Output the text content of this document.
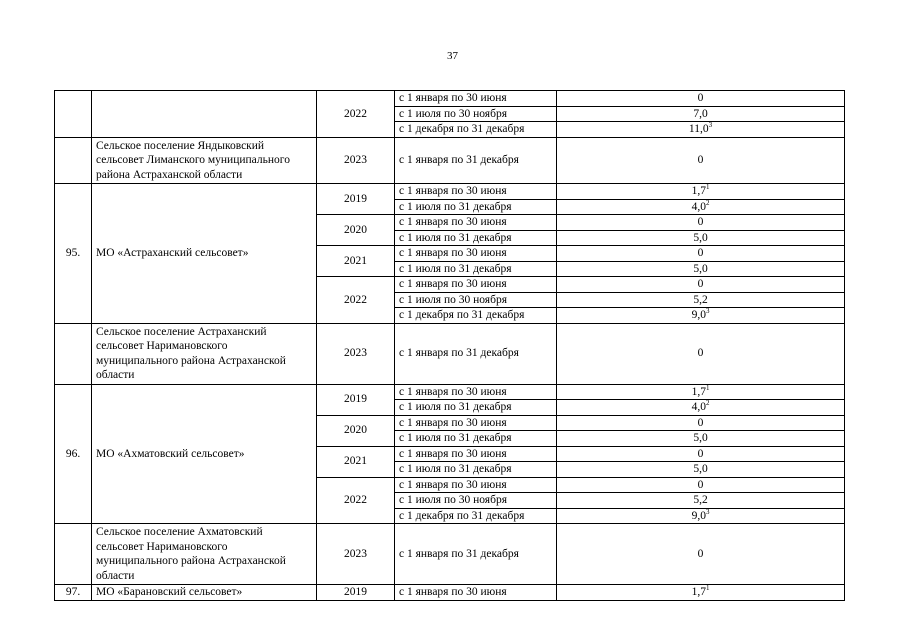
37
		2022	с 1 января по 30 июня	0
			с 1 июля по 30 ноября	7,0
			с 1 декабря по 31 декабря	11,0$^3$
	Сельское поселение Яндыковский сельсовет Лиманского муниципального района Астраханской области	2023	с 1 января по 31 декабря	0
95.	МО «Астраханский сельсовет»	2019	с 1 января по 30 июня	$1,7^1$
			с 1 июля по 31 декабря	$4,0^2$
		2020	с 1 января по 30 июня	0
			с 1 июля по 31 декабря	5,0
		2021	с 1 января по 30 июня	0
			с 1 июля по 31 декабря	5,0
		2022	с 1 января по 30 июня	0
			с 1 июля по 30 ноября	5,2
			с 1 декабря по 31 декабря	$9,0^3$
	Сельское поселение Астраханский сельсовет Наримановского муниципального района Астраханской области	2023	с 1 января по 31 декабря	0
96.	МО «Ахматовский сельсовет»	2019	с 1 января по 30 июня	$1,7^1$
			с 1 июля по 31 декабря	$4,0^2$
		2020	с 1 января по 30 июня	0
			с 1 июля по 31 декабря	5,0
		2021	с 1 января по 30 июня	0
			с 1 июля по 31 декабря	5,0
		2022	с 1 января по 30 июня	0
			с 1 июля по 30 ноября	5,2
			с 1 декабря по 31 декабря	$9,0^3$
	Сельское поселение Ахматовский сельсовет Наримановского муниципального района Астраханской области	2023	с 1 января по 31 декабря	0
97.	МО «Барановский сельсовет»	2019	с 1 января по 30 июня	$1,7^1$
